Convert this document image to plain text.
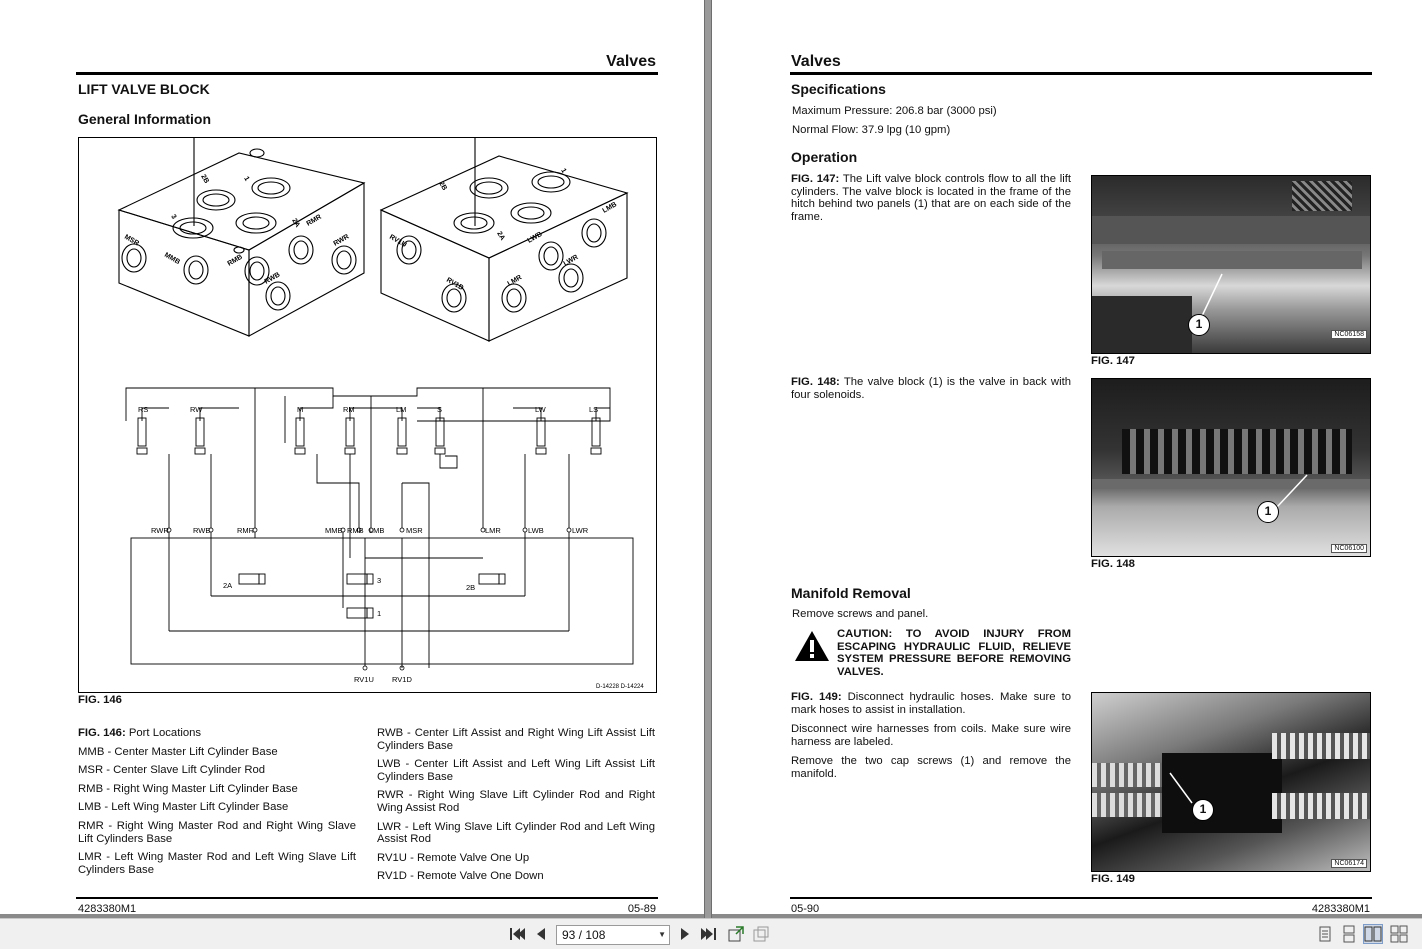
Valves
LIFT VALVE BLOCK
General Information
2B	1
3
2A RMR
MSR
MMB	RMB
RWB
RWR
2B
1
2A
LMB
RV1U
RV1D	LMR
LWB
LWR
RS	RW	M	RM	LM	S	LW	LS
RWR	RWB	RMR	MMB RMB LMB	MSR	LMR	LWB	LWR
2A
3
2B
1
RV1U RV1D
D-14228 D-14224
FIG. 146
FIG. 146: Port Locations
MMB - Center Master Lift Cylinder Base
MSR - Center Slave Lift Cylinder Rod
RMB - Right Wing Master Lift Cylinder Base
LMB - Left Wing Master Lift Cylinder Base
RMR - Right Wing Master Rod and Right Wing Slave Lift Cylinders Base
LMR - Left Wing Master Rod and Left Wing Slave Lift Cylinders Base
RWB - Center Lift Assist and Right Wing Lift Assist Lift Cylinders Base
LWB - Center Lift Assist and Left Wing Lift Assist Lift Cylinders Base
RWR - Right Wing Slave Lift Cylinder Rod and Right Wing Assist Rod
LWR - Left Wing Slave Lift Cylinder Rod and Left Wing Assist Rod
RV1U - Remote Valve One Up
RV1D - Remote Valve One Down
4283380M1	05-89
Valves
Specifications
Maximum Pressure: 206.8 bar (3000 psi)
Normal Flow: 37.9 lpg (10 gpm)
Operation
FIG. 147: The Lift valve block controls flow to all the lift cylinders. The valve block is located in the frame of the hitch behind two panels (1) that are on each side of the frame.
1
NC06158
FIG. 147
FIG. 148: The valve block (1) is the valve in back with four solenoids.
1
NC06100
FIG. 148
Manifold Removal
Remove screws and panel.
CAUTION: TO AVOID INJURY FROM ESCAPING HYDRAULIC FLUID, RELIEVE SYSTEM PRESSURE BEFORE REMOVING VALVES.
FIG. 149: Disconnect hydraulic hoses. Make sure to mark hoses to assist in installation.
Disconnect wire harnesses from coils. Make sure wire harness are labeled.
Remove the two cap screws (1) and remove the manifold.
1
NC06174
FIG. 149
05-90	4283380M1
93 / 108	▼
